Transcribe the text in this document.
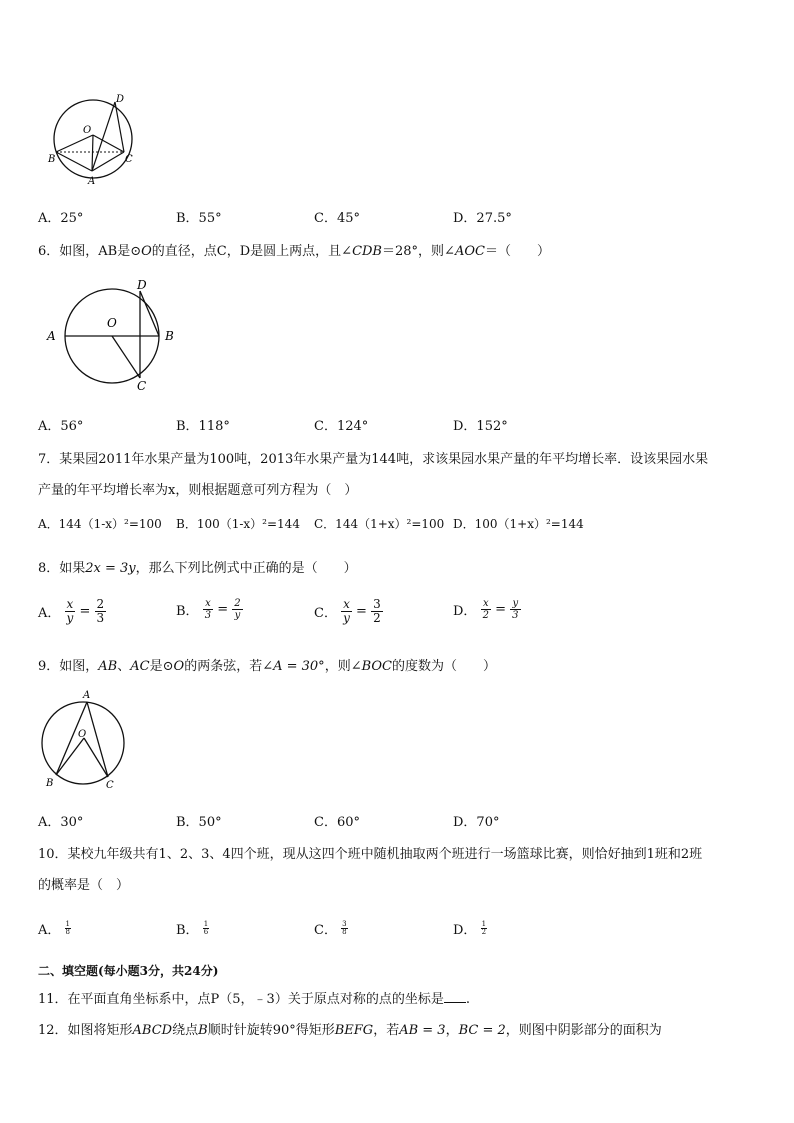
D
O
B	C
A
A．25°	B．55°	C．45°	D．27.5°
6．如图，AB是⊙O的直径，点C，D是圆上两点，且∠CDB＝28°，则∠AOC＝（　　）
D
O
A	B
C
A．56°	B．118°	C．124°	D．152°
7．某果园2011年水果产量为100吨，2013年水果产量为144吨，求该果园水果产量的年平均增长率．设该果园水果
产量的年平均增长率为x，则根据题意可列方程为（　）
A．144（1-x）²=100 B．100（1-x）²=144 C．144（1+x）²=100 D．100（1+x）²=144
8．如果2x = 3y，那么下列比例式中正确的是（　　）
A． $\frac{x}{y} = \frac{2}{3}$	B． $\frac{x}{3} = \frac{2}{y}$	C． $\frac{x}{y} = \frac{3}{2}$	D． $\frac{x}{2} = \frac{y}{3}$
9．如图，AB、AC是⊙O的两条弦，若∠A = 30°，则∠BOC的度数为（　　）
A
O
B	C
A．30°	B．50°	C．60°	D．70°
10．某校九年级共有1、2、3、4四个班，现从这四个班中随机抽取两个班进行一场篮球比赛，则恰好抽到1班和2班
的概率是（　）
A． $\frac{1}{8}$	B． $\frac{1}{6}$	C． $\frac{3}{8}$	D． $\frac{1}{2}$
二、填空题(每小题3分，共24分)
11．在平面直角坐标系中，点P（5，﹣3）关于原点对称的点的坐标是 .
12．如图将矩形ABCD绕点B顺时针旋转90°得矩形BEFG，若AB = 3，BC = 2，则图中阴影部分的面积为
